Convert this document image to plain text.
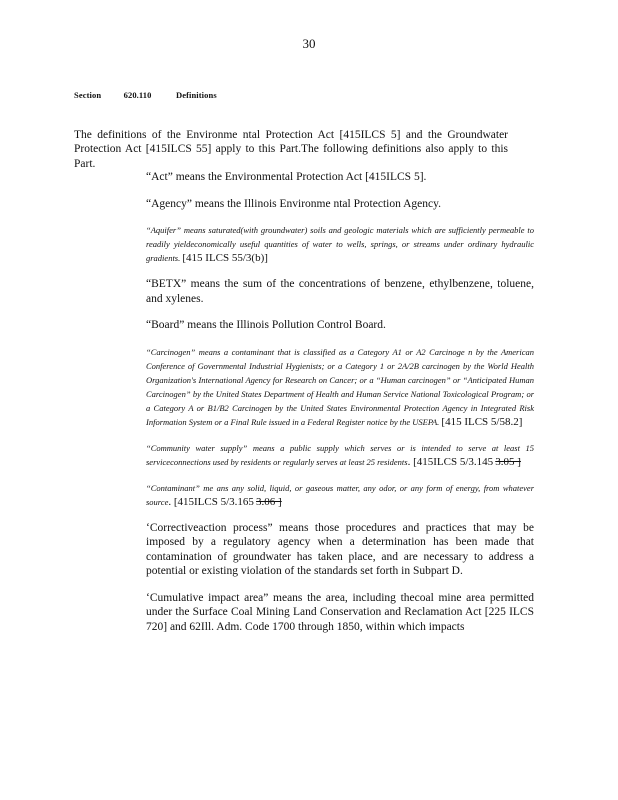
30
Section	620.110	Definitions

The definitions of the Environme ntal Protection Act [415ILCS 5] and the Groundwater Protection Act [415ILCS 55] apply to this Part.The following definitions also apply to this Part.

“Act” means the Environmental Protection Act [415ILCS 5].

“Agency” means the Illinois Environme ntal Protection Agency.

“Aquifer” means saturated(with groundwater) soils and geologic materials which are sufficiently permeable to readily yieldeconomically useful quantities of water to wells, springs, or streams under ordinary hydraulic gradients. [415 ILCS 55/3(b)]

“BETX” means the sum of the concentrations of benzene, ethylbenzene, toluene, and xylenes.

“Board” means the Illinois Pollution Control Board.

“Carcinogen” means a contaminant that is classified as a Category A1 or A2 Carcinoge n by the American Conference of Governmental Industrial Hygienists; or a Category 1 or 2A/2B carcinogen by the World Health Organization's International Agency for Research on Cancer; or a “Human carcinogen” or “Anticipated Human Carcinogen” by the United States Department of Health and Human Service National Toxicological Program; or a Category A or B1/B2 Carcinogen by the United States Environmental Protection Agency in Integrated Risk Information System or a Final Rule issued in a Federal Register notice by the USEPA. [415 ILCS 5/58.2]

“Community water supply” means a public supply which serves or is intended to serve at least 15 serviceconnections used by residents or regularly serves at least 25 residents. [415ILCS 5/3.145 3.05 ]

“Contaminant” me ans any solid, liquid, or gaseous matter, any odor, or any form of energy, from whatever source. [415ILCS 5/3.165 3.06 ]

‘Correctiveaction process” means those procedures and practices that may be imposed by a regulatory agency when a determination has been made that contamination of groundwater has taken place, and are necessary to address a potential or existing violation of the standards set forth in Subpart D.

‘Cumulative impact area” means the area, including thecoal mine area permitted under the Surface Coal Mining Land Conservation and Reclamation Act [225 ILCS 720] and 62Ill. Adm. Code 1700 through 1850, within which impacts
